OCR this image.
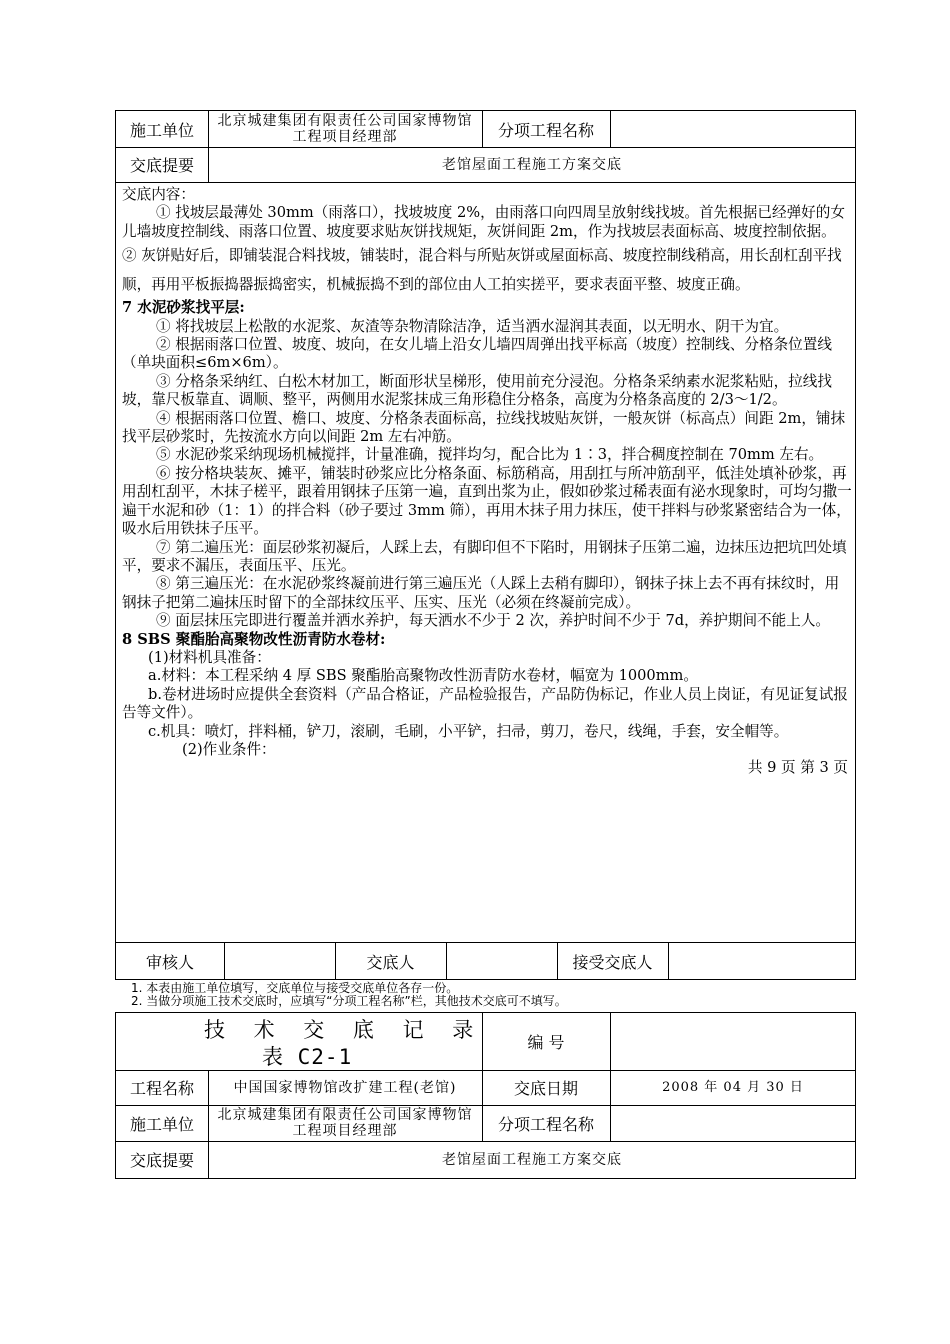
施工单位	北京城建集团有限责任公司国家博物馆工程项目经理部	分项工程名称
交底提要	老馆屋面工程施工方案交底

交底内容：

① 找坡层最薄处 30mm（雨落口），找坡坡度 2%，由雨落口向四周呈放射线找坡。首先根据已经弹好的女儿墙坡度控制线、雨落口位置、坡度要求贴灰饼找规矩，灰饼间距 2m，作为找坡层表面标高、坡度控制依据。

② 灰饼贴好后，即铺装混合料找坡，铺装时，混合料与所贴灰饼或屋面标高、坡度控制线稍高，用长刮杠刮平找顺，再用平板振捣器振捣密实，机械振捣不到的部位由人工拍实搓平，要求表面平整、坡度正确。

7 水泥砂浆找平层:

① 将找坡层上松散的水泥浆、灰渣等杂物清除洁净，适当洒水湿润其表面，以无明水、阴干为宜。

② 根据雨落口位置、坡度、坡向，在女儿墙上沿女儿墙四周弹出找平标高（坡度）控制线、分格条位置线（单块面积≤6m×6m）。

③ 分格条采纳红、白松木材加工，断面形状呈梯形，使用前充分浸泡。分格条采纳素水泥浆粘贴，拉线找坡，靠尺板靠直、调顺、整平，两侧用水泥浆抹成三角形稳住分格条，高度为分格条高度的 2/3～1/2。

④ 根据雨落口位置、檐口、坡度、分格条表面标高，拉线找坡贴灰饼，一般灰饼（标高点）间距 2m，铺抹找平层砂浆时，先按流水方向以间距 2m 左右冲筋。

⑤ 水泥砂浆采纳现场机械搅拌，计量准确，搅拌均匀，配合比为 1∶3，拌合稠度控制在 70mm 左右。

⑥ 按分格块装灰、摊平，铺装时砂浆应比分格条面、标筋稍高，用刮扛与所冲筋刮平，低洼处填补砂浆，再用刮杠刮平，木抹子槎平，跟着用钢抹子压第一遍，直到出浆为止，假如砂浆过稀表面有泌水现象时，可均匀撒一遍干水泥和砂（1：1）的拌合料（砂子要过 3mm 筛），再用木抹子用力抹压，使干拌料与砂浆紧密结合为一体，吸水后用铁抹子压平。

⑦ 第二遍压光：面层砂浆初凝后，人踩上去，有脚印但不下陷时，用钢抹子压第二遍，边抹压边把坑凹处填平，要求不漏压，表面压平、压光。

⑧ 第三遍压光：在水泥砂浆终凝前进行第三遍压光（人踩上去稍有脚印），钢抹子抹上去不再有抹纹时，用钢抹子把第二遍抹压时留下的全部抹纹压平、压实、压光（必须在终凝前完成）。

⑨ 面层抹压完即进行覆盖并洒水养护，每天洒水不少于 2 次，养护时间不少于 7d，养护期间不能上人。

8 SBS 聚酯胎高聚物改性沥青防水卷材:

(1)材料机具准备：

a.材料：本工程采纳 4 厚 SBS 聚酯胎高聚物改性沥青防水卷材，幅宽为 1000mm。

b.卷材进场时应提供全套资料（产品合格证，产品检验报告，产品防伪标记，作业人员上岗证，有见证复试报告等文件）。

c.机具：喷灯，拌料桶，铲刀，滚刷，毛刷，小平铲，扫帚，剪刀，卷尺，线绳，手套，安全帽等。

(2)作业条件：

共 9 页 第 3 页

审核人	交底人	接受交底人
1. 本表由施工单位填写，交底单位与接受交底单位各存一份。
2. 当做分项施工技术交底时，应填写“分项工程名称”栏，其他技术交底可不填写。
技 术 交 底 记 录
表 C2-1
编 号
工程名称	中国国家博物馆改扩建工程(老馆)	交底日期	2008 年 04 月 30 日
施工单位	北京城建集团有限责任公司国家博物馆工程项目经理部	分项工程名称
交底提要	老馆屋面工程施工方案交底
